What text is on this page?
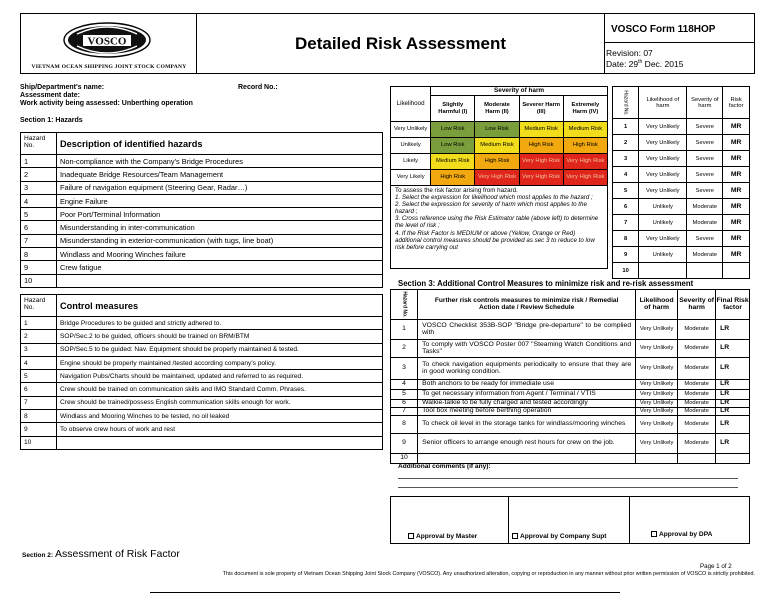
VOSCO
VIETNAM OCEAN SHIPPING JOINT STOCK COMPANY
Detailed Risk Assessment
VOSCO Form 118HOP
Revision: 07
Date: 29th Dec. 2015
Ship/Department's name:	Record No.:
Assessment date:
Work activity being assessed: Unberthing operation
Section 1: Hazards
Hazard No.	Description of identified hazards
1	Non-compliance with the Company's Bridge Procedures
2	Inadequate Bridge Resources/Team Management
3	Failure of navigation equipment (Steering Gear, Radar…)
4	Engine Failure
5	Poor Port/Terminal Information
6	Misunderstanding in inter-communication
7	Misunderstanding in exterior-communication (with tugs, line boat)
8	Windlass and Mooring Winches failure
9	Crew fatigue
10	
Hazard No.	Control measures
1	Bridge Procedures to be guided and strictly adhered to.
2	SOP/Sec.2 to be guided, officers should be trained on BRM/BTM
3	SOP/Sec.5 to be guided: Nav. Equipment should be properly maintained & tested.
4	Engine should be properly maintained /tested according company's policy.
5	Navigation Pubs/Charts should be maintained, updated and referred to as required.
6	Crew should be trained on communication skills and IMO Standard Comm. Phrases.
7	Crew should be trained/possess English communication skills enough for work.
8	Windlass and Mooring Winches to be tested, no oil leaked
9	To observe crew hours of work and rest
10	
Section 2: Assessment of Risk Factor
Likelihood	Severity of harm			
	Slightly Harmful (I)	Moderate Harm (II)	Severer Harm (III)	Extremely Harm (IV)
Very Unlikely	Low Risk	Low Risk	Medium Risk	Medium Risk
Unlikely	Low Risk	Medium Risk	High Risk	High Risk
Likely	Medium Risk	High Risk	Very High Risk	Very High Risk
Very Likely	High Risk	Very High Risk	Very High Risk	Very High Risk
To assess the risk factor arising from hazard.
1. Select the expression for likelihood which most applies to the hazard ;
2. Select the expression for severity of harm which most applies to the hazard ;
3. Cross reference using the Risk Estimator table (above left) to determine the level of risk ;
4. If the Risk Factor is MEDIUM or above (Yellow, Orange or Red) additional control measures should be provided as sec 3 to reduce to low risk before carrying out
Hazard No.	Likelihood of harm	Severity of harm	Risk factor
1	Very Unlikely	Severe	MR
2	Very Unlikely	Severe	MR
3	Very Unlikely	Severe	MR
4	Very Unlikely	Severe	MR
5	Very Unlikely	Severe	MR
6	Unlikely	Moderate	MR
7	Unlikely	Moderate	MR
8	Very Unlikely	Severe	MR
9	Unlikely	Moderate	MR
10			
Section 3: Additional Control Measures to minimize risk and re-risk assessment
Hazard No.	Further risk controls measures to minimize risk / Remedial Action date / Review Schedule	Likelihood of harm	Severity of harm	Final Risk factor
1	VOSCO Checklist 353B-SOP "Bridge pre-departure" to be complied with	Very Unlikely	Moderate	LR
2	To comply with VOSCO Poster 007 "Steaming Watch Conditions and Tasks"	Very Unlikely	Moderate	LR
3	To check navigation equipments periodically to ensure that they are in good working condition.	Very Unlikely	Moderate	LR
4	Both anchors to be ready for immediate use	Very Unlikely	Moderate	LR
5	To get necessary information from Agent / Terminal / VTIS	Very Unlikely	Moderate	LR
6	Walkie-talkie to be fully charged and tested accordingly	Very Unlikely	Moderate	LR
7	Tool box meeting before berthing operation	Very Unlikely	Moderate	LR
8	To check oil level in the storage tanks for windlass/mooring winches	Very Unlikely	Moderate	LR
9	Senior officers to arrange enough rest hours for crew on the job.	Very Unlikely	Moderate	LR
10				
Additional comments (if any):
Approval by Master	Approval by Company Supt	Approval by DPA
Page 1 of 2
This document is sole property of Vietnam Ocean Shipping Joint Stock Company (VOSCO). Any unauthorized alteration, copying or reproduction in any manner without prior written permission of VOSCO is strictly prohibited.
